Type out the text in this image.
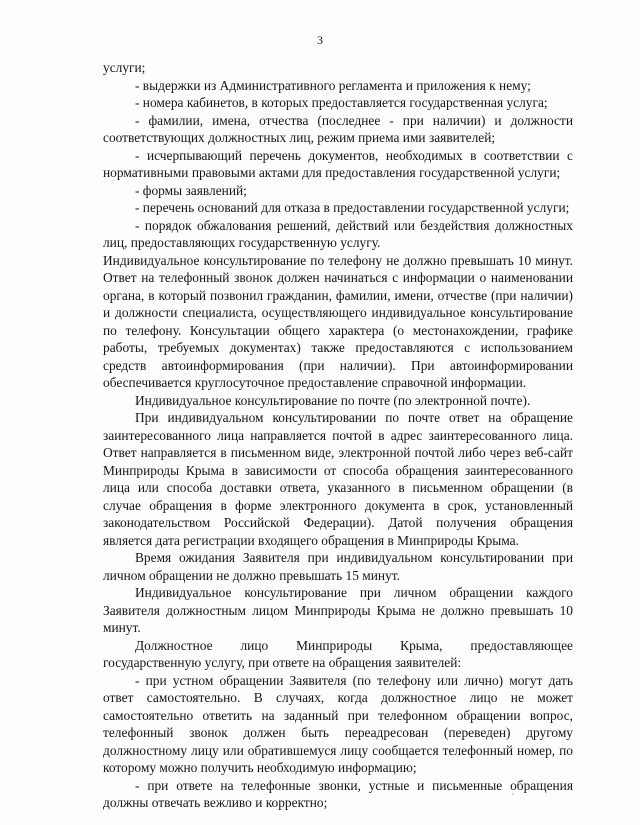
3

услуги;

- выдержки из Административного регламента и приложения к нему;

- номера кабинетов, в которых предоставляется государственная услуга;

- фамилии, имена, отчества (последнее - при наличии) и должности соответствующих должностных лиц, режим приема ими заявителей;

- исчерпывающий перечень документов, необходимых в соответствии с нормативными правовыми актами для предоставления государственной услуги;

- формы заявлений;

- перечень оснований для отказа в предоставлении государственной услуги;

- порядок обжалования решений, действий или бездействия должностных лиц, предоставляющих государственную услугу.

Индивидуальное консультирование по телефону не должно превышать 10 минут. Ответ на телефонный звонок должен начинаться с информации о наименовании органа, в который позвонил гражданин, фамилии, имени, отчестве (при наличии) и должности специалиста, осуществляющего индивидуальное консультирование по телефону. Консультации общего характера (о местонахождении, графике работы, требуемых документах) также предоставляются с использованием средств автоинформирования (при наличии). При автоинформировании обеспечивается круглосуточное предоставление справочной информации.

Индивидуальное консультирование по почте (по электронной почте).

При индивидуальном консультировании по почте ответ на обращение заинтересованного лица направляется почтой в адрес заинтересованного лица. Ответ направляется в письменном виде, электронной почтой либо через веб-сайт Минприроды Крыма в зависимости от способа обращения заинтересованного лица или способа доставки ответа, указанного в письменном обращении (в случае обращения в форме электронного документа в срок, установленный законодательством Российской Федерации). Датой получения обращения является дата регистрации входящего обращения в Минприроды Крыма.

Время ожидания Заявителя при индивидуальном консультировании при личном обращении не должно превышать 15 минут.

Индивидуальное консультирование при личном обращении каждого Заявителя должностным лицом Минприроды Крыма не должно превышать 10 минут.

Должностное лицо Минприроды Крыма, предоставляющее государственную услугу, при ответе на обращения заявителей:

- при устном обращении Заявителя (по телефону или лично) могут дать ответ самостоятельно. В случаях, когда должностное лицо не может самостоятельно ответить на заданный при телефонном обращении вопрос, телефонный звонок должен быть переадресован (переведен) другому должностному лицу или обратившемуся лицу сообщается телефонный номер, по которому можно получить необходимую информацию;

- при ответе на телефонные звонки, устные и письменные обращения должны отвечать вежливо и корректно;
